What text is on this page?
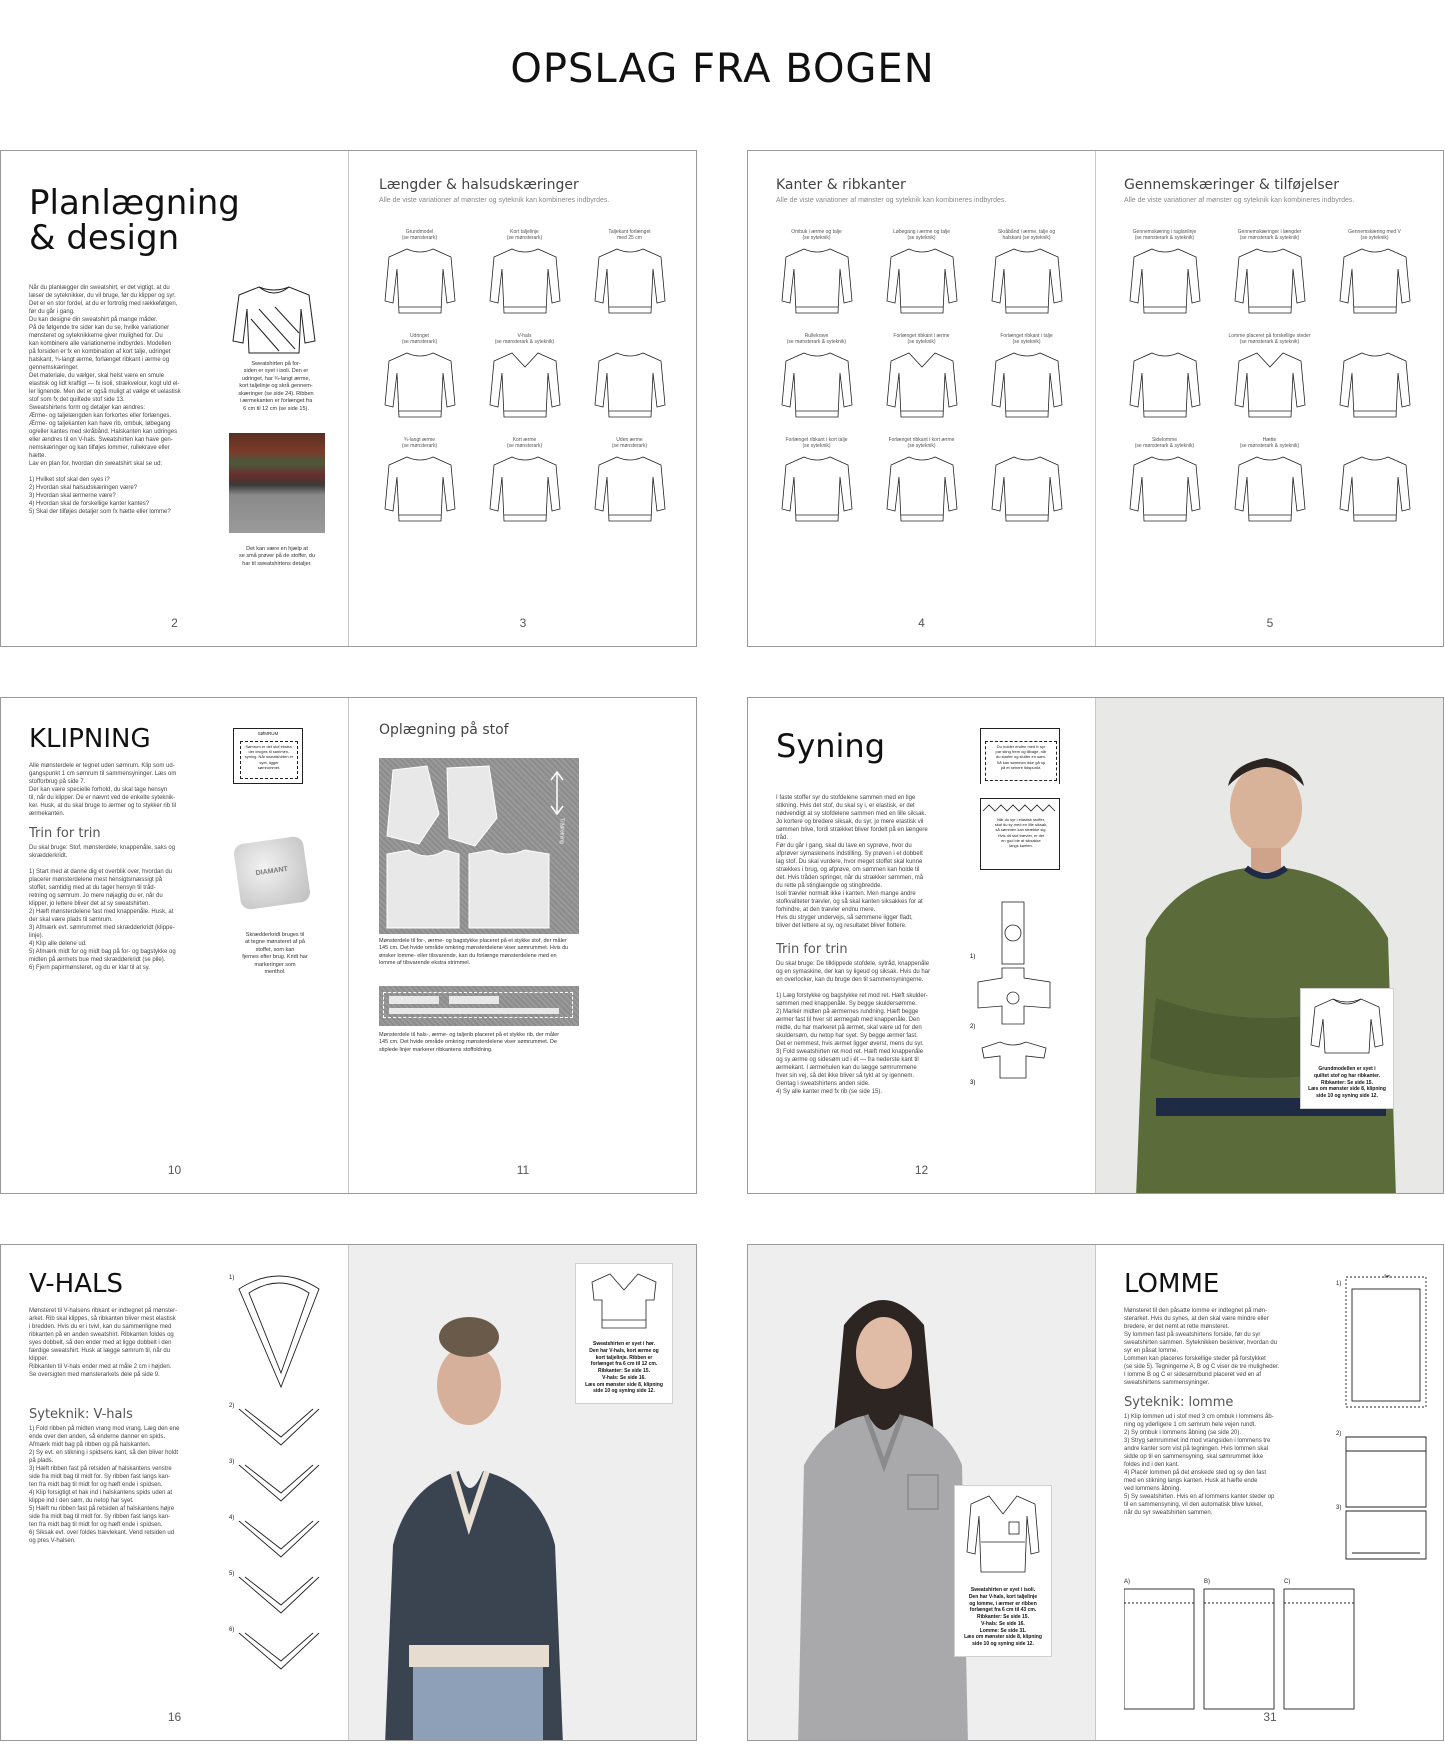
OPSLAG FRA BOGEN
Planlægning
& design
Når du planlægger din sweatshirt, er det vigtigt, at du
læser de syteknikker, du vil bruge, før du klipper og syr.
Det er en stor fordel, at du er fortrolig med rækkefølgen,
før du går i gang.
Du kan designe din sweatshirt på mange måder.
På de følgende tre sider kan du se, hvilke variationer
mønsteret og syteknikkerne giver mulighed for. Du
kan kombinere alle variationerne indbyrdes. Modellen
på forsiden er fx en kombination af kort talje, udringet
halskant, ¾-langt ærme, forlænget ribkant i ærme og
gennemskæringer.
Det materiale, du vælger, skal helst være en smule
elastisk og lidt kraftigt — fx isoli, strækvelour, kogt uld el-
ler lignende. Men det er også muligt at vælge et uelastisk
stof som fx det quiltede stof side 13.
Sweatshirtens form og detaljer kan ændres:
Ærme- og taljelængden kan forkortes eller forlænges.
Ærme- og taljekanten kan have rib, ombuk, løbegang
og/eller kantes med skråbånd. Halskanten kan udringes
eller ændres til en V-hals. Sweatshirten kan have gen-
nemskæringer og kan tilføjes lommer, rullekrave eller
hætte.
Lav en plan for, hvordan din sweatshirt skal se ud:
1) Hvilket stof skal den syes i?
2) Hvordan skal halsudskæringen være?
3) Hvordan skal ærmerne være?
4) Hvordan skal de forskellige kanter kantes?
5) Skal der tilføjes detaljer som fx hætte eller lomme?
Sweatshirten på for-
siden er syet i isoli. Den er
udringet, har ¾-langt ærme,
kort taljelinje og skrå gennem-
skæringer (se side 24). Ribben
i ærmekanten er forlænget fra
6 cm til 12 cm (se side 15).
Det kan være en hjælp at
se små prøver på de stoffer, du
har til sweatshirtens detaljer.
2
Længder & halsudskæringer
Alle de viste variationer af mønster og syteknik kan kombineres indbyrdes.
Grundmodel
(se mønsterark)
Kort taljelinje
(se mønsterark)
Taljekant forlænget
med 25 cm
Udringet
(se mønsterark)
V-hals
(se mønsterark & syteknik)
¾-langt ærme
(se mønsterark)
Kort ærme
(se mønsterark)
Uden ærme
(se mønsterark)
3
Kanter & ribkanter
Alle de viste variationer af mønster og syteknik kan kombineres indbyrdes.
Ombuk i ærme og talje
(se syteknik)
Løbegang i ærme og talje
(se syteknik)
Skråbånd i ærme, talje og
halskant (se syteknik)
Rullekrave
(se mønsterark & syteknik)
Forlænget ribkant i ærme
(se syteknik)
Forlænget ribkant i talje
(se syteknik)
Forlænget ribkant i kort talje
(se syteknik)
Forlænget ribkant i kort ærme
(se syteknik)
4
Gennemskæringer & tilføjelser
Alle de viste variationer af mønster og syteknik kan kombineres indbyrdes.
Gennemskæring i raglanlinje
(se mønsterark & syteknik)
Gennemskæringer i længder
(se mønsterark & syteknik)
Gennemskæring med V
(se syteknik)
Lomme placeret på forskellige steder
(se mønsterark & syteknik)
Sidelomme
(se mønsterark & syteknik)
Hætte
(se mønsterark & syteknik)
5
KLIPNING
Alle mønsterdele er tegnet uden sømrum. Klip som ud-
gangspunkt 1 cm sømrum til sammensyninger. Læs om
stofforbrug på side 7.
Der kan være specielle forhold, du skal tage hensyn
til, når du klipper. De er nævnt ved de enkelte syteknik-
ker. Husk, at du skal bruge to ærmer og to stykker rib til
ærmekanten.
SØMRUM
Sømrum er det stof ekstra,
der bruges til sammen-
syning. Når sweatshirten er
syet, ligger
sømrummet.
Trin for trin
Du skal bruge: Stof, mønsterdele, knappenåle, saks og
skrædderkridt.
1) Start med at danne dig et overblik over, hvordan du
placerer mønsterdelene mest hensigtsmæssigt på
stoffet, samtidig med at du tager hensyn til tråd-
retning og sømrum. Jo mere nøjagtig du er, når du
klipper, jo lettere bliver det at sy sweatshirten.
2) Hæft mønsterdelene fast med knappenåle. Husk, at
der skal være plads til sømrum.
3) Afmærk evt. sømrummet med skrædderkridt (klippe-
linje).
4) Klip alle delene ud.
5) Afmærk midt for og midt bag på for- og bagstykke og
midten på ærmets bue med skrædderkridt (se pile).
6) Fjern papirmønsteret, og du er klar til at sy.
DIAMANT
Skrædderkridt bruges til
at tegne mønsteret af på
stoffet, som kan
fjernes efter brug. Kridt har
markeringer som
menthol.
10
Oplægning på stof
Trådretning
Mønsterdele til for-, ærme- og bagstykke placeret på et stykke stof, der måler
145 cm. Det hvide område omkring mønsterdelene viser sømrummet. Hvis du
ønsker lomme- eller tilsvarende, kan du forlænge mønsterdelene med en
lomme af tilsvarende ekstra strimmel.
Mønsterdele til hals-, ærme- og taljerib placeret på et stykke rib, der måler
145 cm. Det hvide område omkring mønsterdelene viser sømrummet. De
stiplede linjer markerer ribkantens stoffoldning.
11
Syning
I faste stoffer syr du stofdelene sammen med en lige
stikning. Hvis det stof, du skal sy i, er elastisk, er det
nødvendigt at sy stofdelene sammen med en lille siksak.
Jo kortere og bredere siksak, du syr, jo mere elastisk vil
sømmen blive, fordi strækket bliver fordelt på en længere
tråd.
Før du går i gang, skal du lave en syprøve, hvor du
afprøver symaskinens indstilling. Sy prøven i et dobbelt
lag stof. Du skal vurdere, hvor meget stoffet skal kunne
strækkes i brug, og afprøve, om sømmen kan holde til
det. Hvis tråden springer, når du strækker sømmen, må
du rette på stinglængde og stingbredde.
Isoli trævler normalt ikke i kanten. Men mange andre
stofkvaliteter trævler, og så skal kanten siksakkes for at
forhindre, at den trævler endnu mere.
Hvis du stryger undervejs, så sømmene ligger fladt,
bliver det lettere at sy, og resultatet bliver flottere.
Trin for trin
Du skal bruge: De tilklippede stofdele, sytråd, knappenåle
og en symaskine, der kan sy ligeud og siksak. Hvis du har
en overlocker, kan du bruge den til sammensyningerne.
1) Læg forstykke og bagstykke ret mod ret. Hæft skulder-
sømmen med knappenåle. Sy begge skuldersømme.
2) Markér midten på ærmernes rundning. Hæft begge
ærmer fast til hver sit ærmegab med knappenåle. Den
midte, du har markeret på ærmet, skal være ud for den
skuldersøm, du netop har syet. Sy begge ærmer fast.
Det er nemmest, hvis ærmet ligger øverst, mens du syr.
3) Fold sweatshirten ret mod ret. Hæft med knappenåle
og sy ærme og sidesøm ud i ét — fra nederste kant til
ærmekant. I ærmehulen kan du lægge sømrummene
hver sin vej, så det ikke bliver så tykt at sy igennem.
Gentag i sweatshirtens anden side.
4) Sy alle kanter med fx rib (se side 15).
Du holder enden med tr syr
par sting frem og tilbage, når
du starter og slutter en søm.
Så kan sømmen ikke gå op
på et senere tidspunkt.
Når du syr i elastisk stoffer,
skal du sy med en lille siksak,
så sømmen kan strække sig.
Hvis dit stof trævler, er det
en god ide at siksakke
langs kanten.
1)
2)
3)
12
Grundmodellen er syet i
quiltet stof og har ribkanter.
Ribkanter: Se side 15.
Læs om mønster side 8, klipning
side 10 og syning side 12.
V-HALS
Mønsteret til V-halsens ribkant er indtegnet på mønster-
arket. Rib skal klippes, så ribkanten bliver mest elastisk
i bredden. Hvis du er i tvivl, kan du sammenligne med
ribkanten på en anden sweatshirt. Ribkanten foldes og
syes dobbelt, så den ender med at ligge dobbelt i den
færdige sweatshirt. Husk at lægge sømrum til, når du
klipper.
Ribkanten til V-hals ender med at måle 2 cm i højden.
Se oversigten med mønsterarkets dele på side 9.
Syteknik: V-hals
1) Fold ribben på midten vrang mod vrang. Læg den ene
ende over den anden, så enderne danner en spids.
Afmærk midt bag på ribben og på halskanten.
2) Sy evt. en stikning i spidsens kant, så den bliver holdt
på plads.
3) Hæft ribben fast på retsiden af halskantens venstre
side fra midt bag til midt for. Sy ribben fast langs kan-
ten fra midt bag til midt for og hæft ende i spidsen.
4) Klip forsigtigt et hak ind i halskantens spids uden at
klippe ind i den søm, du netop har syet.
5) Hæft nu ribben fast på retsiden af halskantens højre
side fra midt bag til midt for. Sy ribben fast langs kan-
ten fra midt bag til midt for og hæft ende i spidsen.
6) Siksak evt. over foldes trævlekant. Vend retsiden ud
og pres V-halsen.
1)
2)
3)
4)
5)
6)
16
Sweatshirten er syet i hør.
Den har V-hals, kort ærme og
kort taljelinje. Ribben er
forlænget fra 6 cm til 12 cm.
Ribkanter: Se side 15.
V-hals: Se side 16.
Læs om mønster side 8, klipning
side 10 og syning side 12.
Sweatshirten er syet i isoli.
Den har V-hals, kort taljelinje
og lomme, i ærmer er ribben
forlænget fra 6 cm til 43 cm.
Ribkanter: Se side 15.
V-hals: Se side 16.
Lomme: Se side 31.
Læs om mønster side 8, klipning
side 10 og syning side 12.
LOMME
Mønsteret til den påsatte lomme er indtegnet på møn-
sterarket. Hvis du synes, at den skal være mindre eller
bredere, er det nemt at rette mønsteret.
Sy lommen fast på sweatshirtens forside, før du syr
sweatshirten sammen. Syteknikken beskriver, hvordan du
syr en påsat lomme.
Lommen kan placeres forskellige steder på forstykket
(se side 5). Tegningerne A, B og C viser de tre muligheder.
I lomme B og C er sidesøm/bund placeret ved en af
sweatshirtens sammensyninger.
Syteknik: lomme
1) Klip lommen ud i stof med 3 cm ombuk i lommens åb-
ning og yderligere 1 cm sømrum hele vejen rundt.
2) Sy ombuk i lommens åbning (se side 20).
3) Stryg sømrummet ind mod vrangsiden i lommens tre
andre kanter som vist på tegningen. Hvis lommen skal
sidde op til en sammensyning, skal sømrummet ikke
foldes ind i den kant.
4) Placér lommen på det ønskede sted og sy den fast
med en stikning langs kanten. Husk at hæfte ende
ved lommens åbning.
5) Sy sweatshirten. Hvis en af lommens kanter steder op
til en sammensyning, vil den automatisk blive lukket,
når du syr sweatshirten sammen.
1)
2)
3)
✂
A)	B)	C)
31
